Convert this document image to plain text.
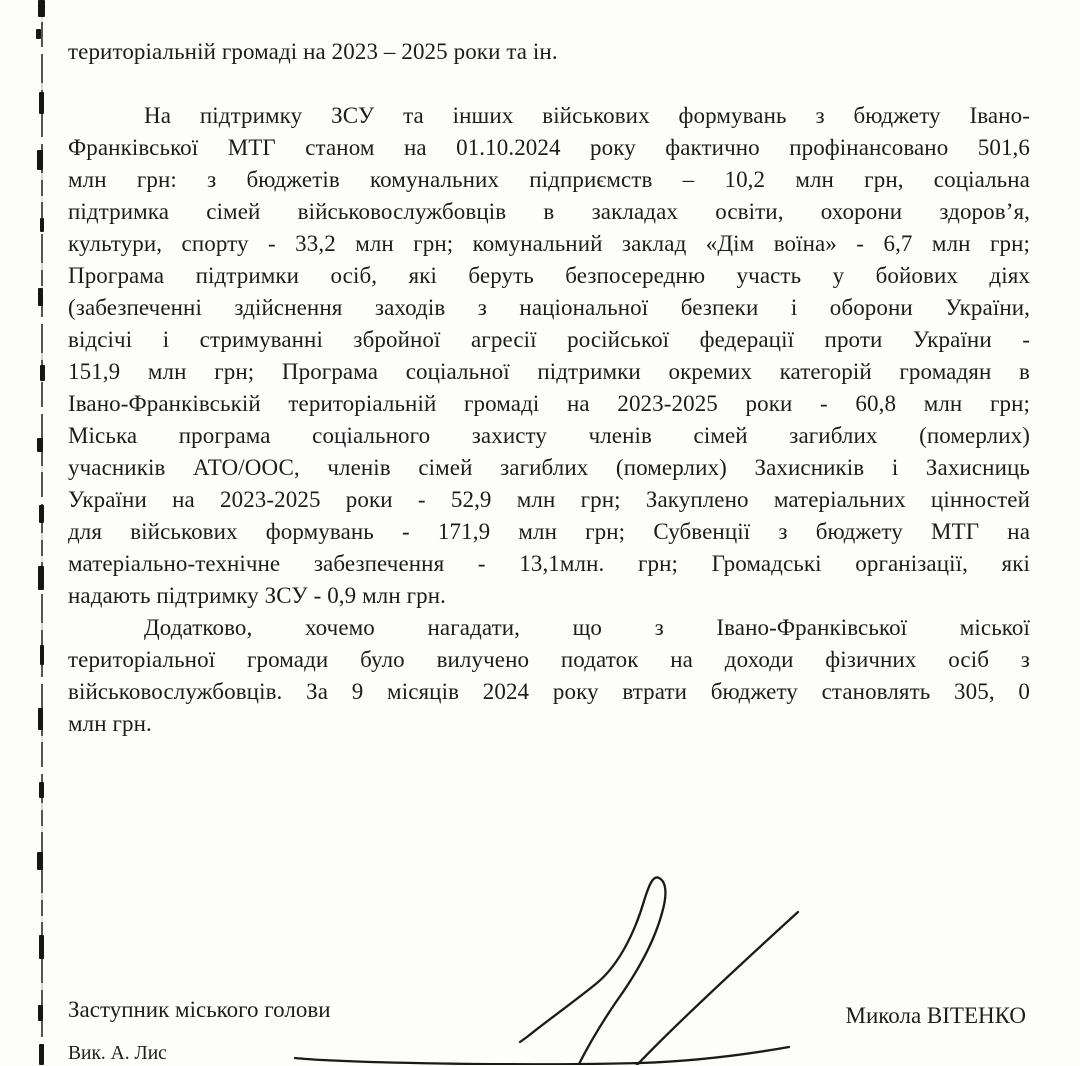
територіальній громаді на 2023 – 2025 роки та ін.
На підтримку ЗСУ та інших військових формувань з бюджету Івано-
Франківської МТГ станом на 01.10.2024 року фактично профінансовано 501,6
млн грн: з бюджетів комунальних підприємств – 10,2 млн грн, соціальна
підтримка сімей військовослужбовців в закладах освіти, охорони здоров’я,
культури, спорту - 33,2 млн грн; комунальний заклад «Дім воїна» - 6,7 млн грн;
Програма підтримки осіб, які беруть безпосередню участь у бойових діях
(забезпеченні здійснення заходів з національної безпеки і оборони України,
відсічі і стримуванні збройної агресії російської федерації проти України -
151,9 млн грн; Програма соціальної підтримки окремих категорій громадян в
Івано-Франківській територіальній громаді на 2023-2025 роки - 60,8 млн грн;
Міська програма соціального захисту членів сімей загиблих (померлих)
учасників АТО/ООС, членів сімей загиблих (померлих) Захисників і Захисниць
України на 2023-2025 роки - 52,9 млн грн; Закуплено матеріальних цінностей
для військових формувань - 171,9 млн грн; Субвенції з бюджету МТГ на
матеріально-технічне забезпечення - 13,1млн. грн; Громадські організації, які
надають підтримку ЗСУ - 0,9 млн грн.
Додатково, хочемо нагадати, що з Івано-Франківської міської
територіальної громади було вилучено податок на доходи фізичних осіб з
військовослужбовців. За 9 місяців 2024 року втрати бюджету становлять 305, 0
млн грн.
Заступник міського голови	Микола ВІТЕНКО
Вик. А. Лис
